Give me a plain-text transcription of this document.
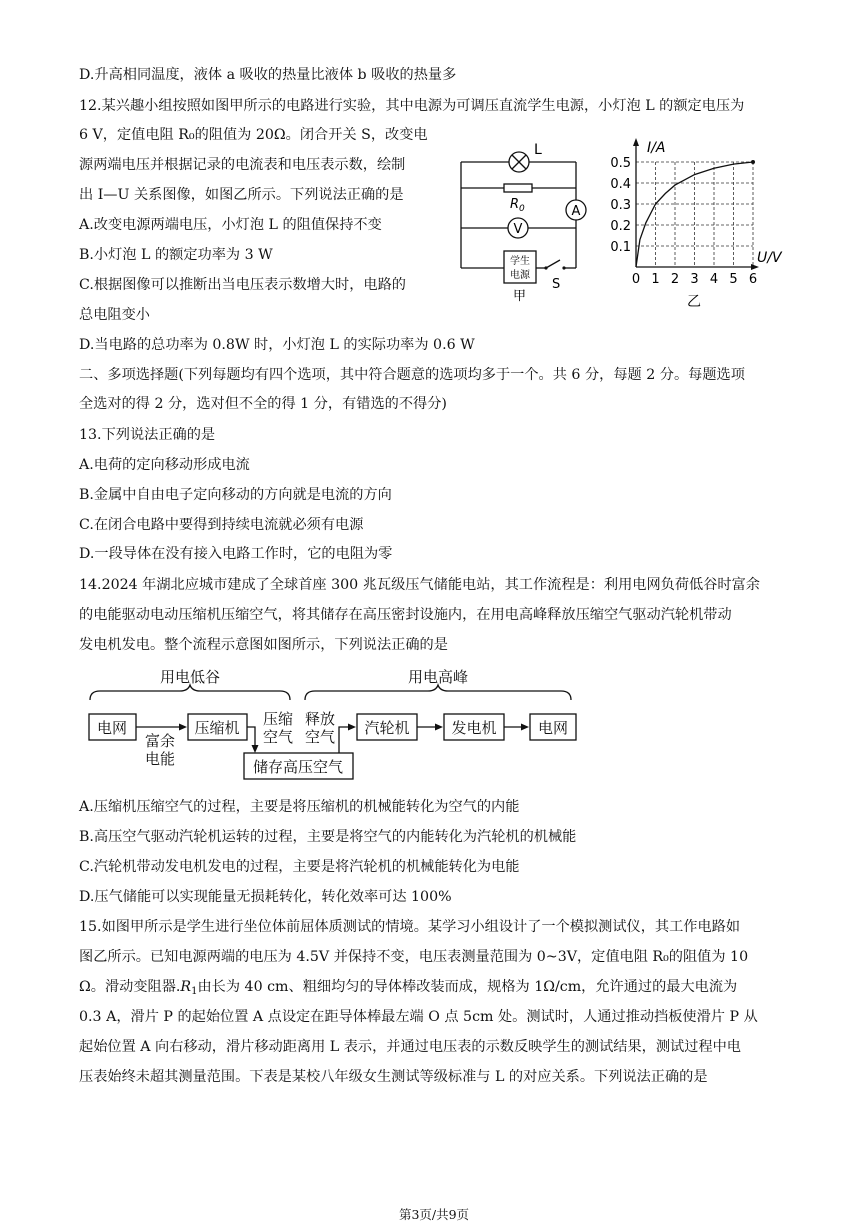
D.升高相同温度，液体 a 吸收的热量比液体 b 吸收的热量多
12.某兴趣小组按照如图甲所示的电路进行实验，其中电源为可调压直流学生电源，小灯泡 L 的额定电压为
6 V，定值电阻 R₀的阻值为 20Ω。闭合开关 S，改变电
源两端电压并根据记录的电流表和电压表示数，绘制
出 I—U 关系图像，如图乙所示。下列说法正确的是
A.改变电源两端电压，小灯泡 L 的阻值保持不变
B.小灯泡 L 的额定功率为 3 W
C.根据图像可以推断出当电压表示数增大时，电路的
总电阻变小
D.当电路的总功率为 0.8W 时，小灯泡 L 的实际功率为 0.6 W
L
$R_0$	A
V
学生
电源
S
甲
0 1 2 3 4 5 6
0.1
0.2
0.3
0.4
0.5
I/A
U/V
乙
二、多项选择题(下列每题均有四个选项，其中符合题意的选项均多于一个。共 6 分，每题 2 分。每题选项
全选对的得 2 分，选对但不全的得 1 分，有错选的不得分)
13.下列说法正确的是
A.电荷的定向移动形成电流
B.金属中自由电子定向移动的方向就是电流的方向
C.在闭合电路中要得到持续电流就必须有电源
D.一段导体在没有接入电路工作时，它的电阻为零
14.2024 年湖北应城市建成了全球首座 300 兆瓦级压气储能电站，其工作流程是：利用电网负荷低谷时富余
的电能驱动电动压缩机压缩空气，将其储存在高压密封设施内，在用电高峰释放压缩空气驱动汽轮机带动
发电机发电。整个流程示意图如图所示，下列说法正确的是
用电低谷	用电高峰
电网
富余
电能
压缩机 压缩
空气
释放
空气
储存高压空气
汽轮机	发电机	电网
A.压缩机压缩空气的过程，主要是将压缩机的机械能转化为空气的内能
B.高压空气驱动汽轮机运转的过程，主要是将空气的内能转化为汽轮机的机械能
C.汽轮机带动发电机发电的过程，主要是将汽轮机的机械能转化为电能
D.压气储能可以实现能量无损耗转化，转化效率可达 100%
15.如图甲所示是学生进行坐位体前屈体质测试的情境。某学习小组设计了一个模拟测试仪，其工作电路如
图乙所示。已知电源两端的电压为 4.5V 并保持不变，电压表测量范围为 0~3V，定值电阻 R₀的阻值为 10
Ω。滑动变阻器$.R_1$由长为 40 cm、粗细均匀的导体棒改装而成，规格为 1Ω/cm，允许通过的最大电流为
0.3 A，滑片 P 的起始位置 A 点设定在距导体棒最左端 O 点 5cm 处。测试时，人通过推动挡板使滑片 P 从
起始位置 A 向右移动，滑片移动距离用 L 表示，并通过电压表的示数反映学生的测试结果，测试过程中电
压表始终未超其测量范围。下表是某校八年级女生测试等级标准与 L 的对应关系。下列说法正确的是
第3页/共9页
